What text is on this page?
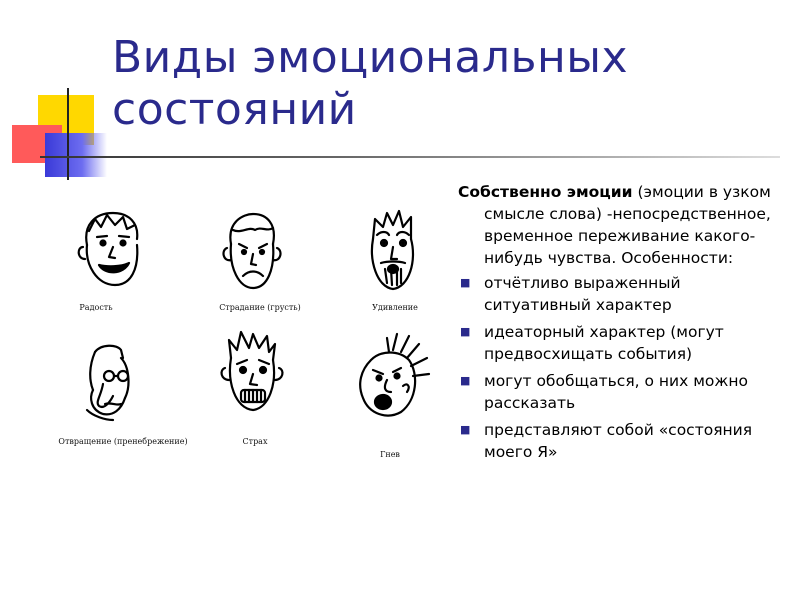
Виды эмоциональных состояний
Радость	Страдание (грусть)	Удивление
Отвращение (пренебрежение)	Страх
Гнев

Собственно эмоции (эмоции в узком смысле слова) -непосредственное, временное переживание какого-нибудь чувства. Особенности:

■ отчётливо выраженный ситуативный характер
■ идеаторный характер (могут предвосхищать события)
■ могут обобщаться, о них можно рассказать
■ представляют собой «состояния моего Я»
